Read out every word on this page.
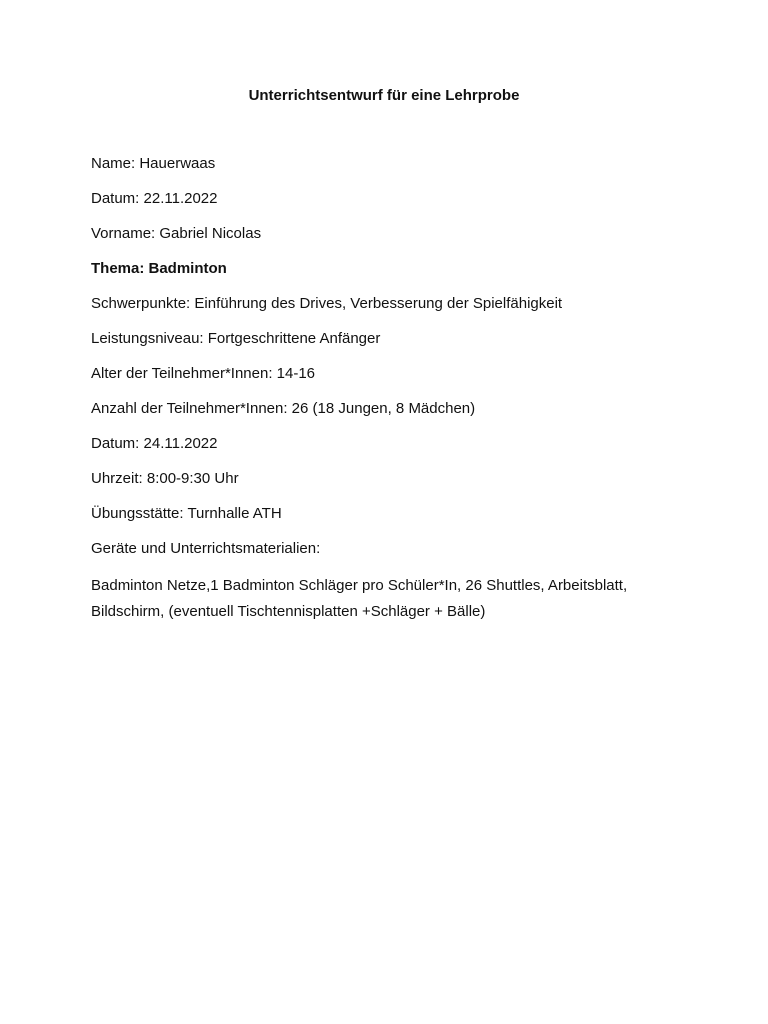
Unterrichtsentwurf für eine Lehrprobe

Name: Hauerwaas

Datum: 22.11.2022

Vorname: Gabriel Nicolas

Thema: Badminton

Schwerpunkte: Einführung des Drives, Verbesserung der Spielfähigkeit

Leistungsniveau: Fortgeschrittene Anfänger

Alter der Teilnehmer*Innen: 14-16

Anzahl der Teilnehmer*Innen: 26 (18 Jungen, 8 Mädchen)

Datum: 24.11.2022

Uhrzeit: 8:00-9:30 Uhr

Übungsstätte: Turnhalle ATH

Geräte und Unterrichtsmaterialien:

Badminton Netze,1 Badminton Schläger pro Schüler*In, 26 Shuttles, Arbeitsblatt, Bildschirm, (eventuell Tischtennisplatten +Schläger + Bälle)
